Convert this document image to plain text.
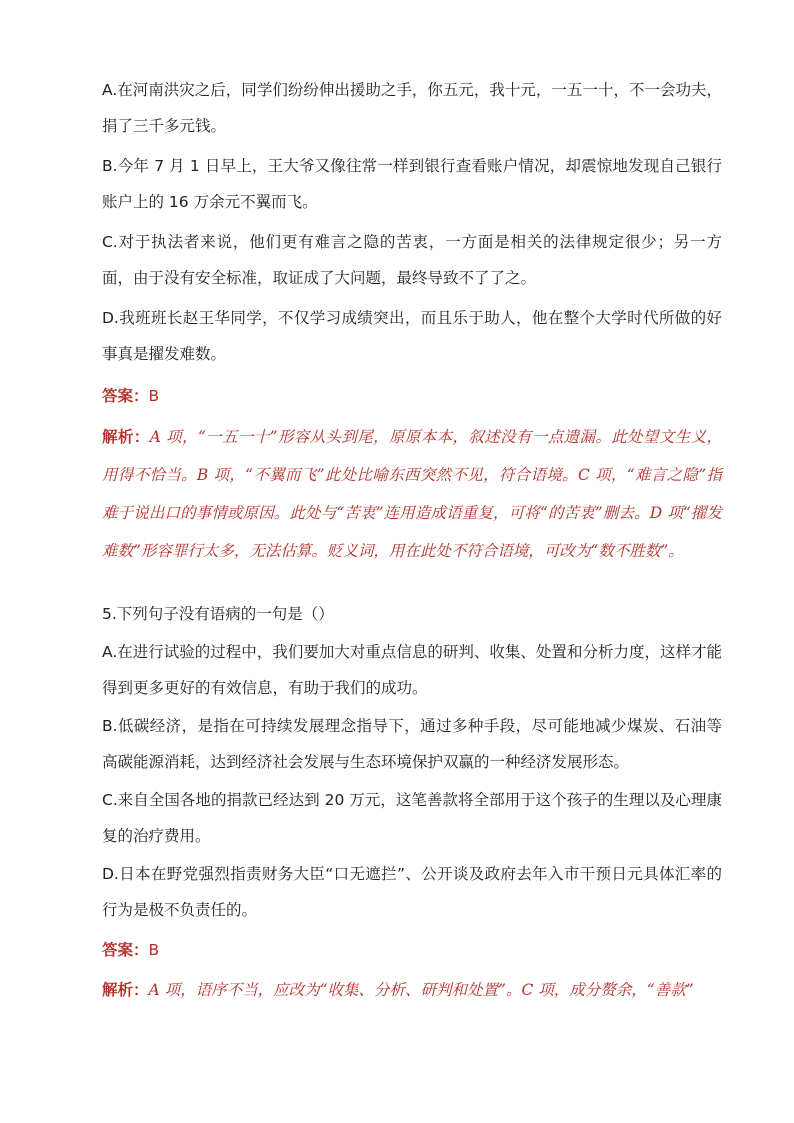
A.在河南洪灾之后，同学们纷纷伸出援助之手，你五元，我十元，一五一十，不一会功夫，捐了三千多元钱。

B.今年 7 月 1 日早上，王大爷又像往常一样到银行查看账户情况，却震惊地发现自己银行账户上的 16 万余元不翼而飞。

C.对于执法者来说，他们更有难言之隐的苦衷，一方面是相关的法律规定很少；另一方面，由于没有安全标准，取证成了大问题，最终导致不了了之。

D.我班班长赵王华同学，不仅学习成绩突出，而且乐于助人，他在整个大学时代所做的好事真是擢发难数。

答案：B

解析：A 项，“一五一十”形容从头到尾，原原本本，叙述没有一点遗漏。此处望文生义，用得不恰当。B 项，“不翼而飞”此处比喻东西突然不见，符合语境。C 项，“难言之隐”指难于说出口的事情或原因。此处与“苦衷”连用造成语重复，可将“的苦衷”删去。D 项“擢发难数”形容罪行太多，无法估算。贬义词，用在此处不符合语境，可改为“数不胜数”。

5.下列句子没有语病的一句是（）

A.在进行试验的过程中，我们要加大对重点信息的研判、收集、处置和分析力度，这样才能得到更多更好的有效信息，有助于我们的成功。

B.低碳经济，是指在可持续发展理念指导下，通过多种手段，尽可能地减少煤炭、石油等高碳能源消耗，达到经济社会发展与生态环境保护双赢的一种经济发展形态。

C.来自全国各地的捐款已经达到 20 万元，这笔善款将全部用于这个孩子的生理以及心理康复的治疗费用。

D.日本在野党强烈指责财务大臣“口无遮拦”、公开谈及政府去年入市干预日元具体汇率的行为是极不负责任的。

答案：B

解析：A 项，语序不当，应改为“收集、分析、研判和处置”。C 项，成分赘余，“善款”
